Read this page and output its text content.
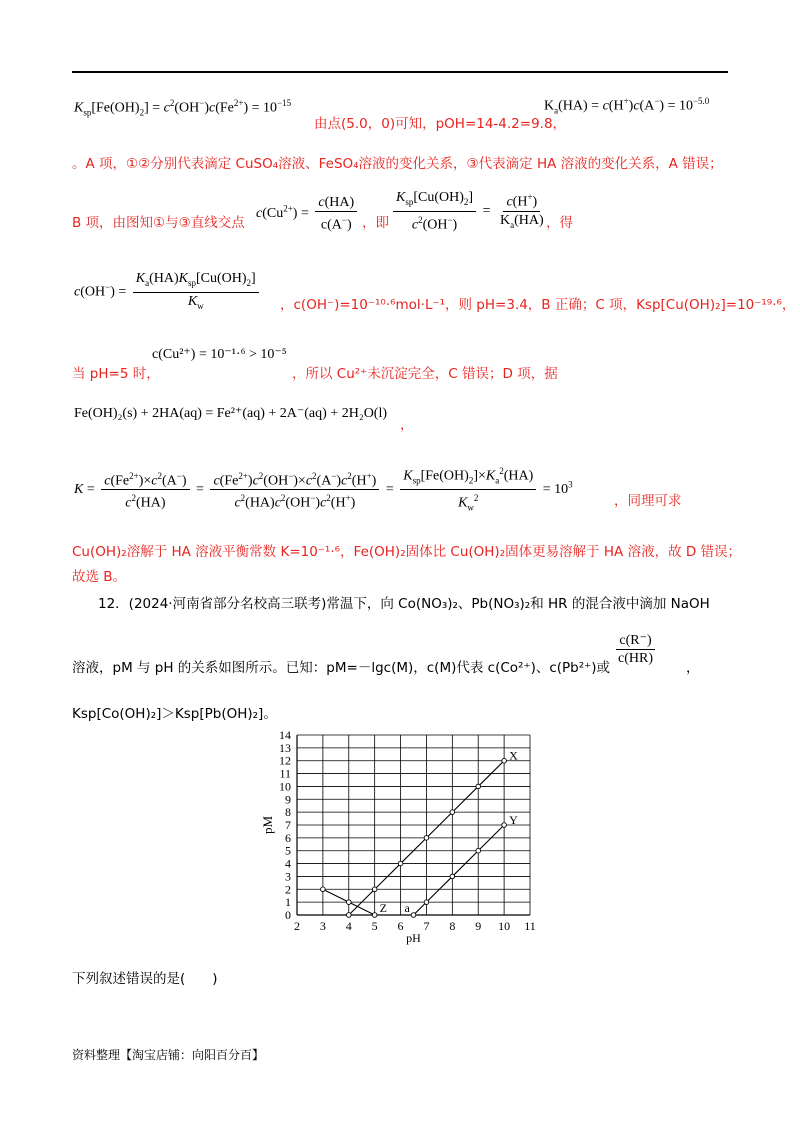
$K_{sp}[Fe(OH)_2] = c^2(OH^-)c(Fe^{2+}) = 10^{-15}$
由点(5.0，0)可知，pOH=14-4.2=9.8，
$K_a(HA) = c(H^+)c(A^-) = 10^{-5.0}$
。A 项，①②分别代表滴定 CuSO₄溶液、FeSO₄溶液的变化关系，③代表滴定 HA 溶液的变化关系，A 错误；
B 项，由图知①与③直线交点
$c(Cu^{2+}) = \frac{c(HA)}{c(A^-)}$ ，即 $\frac{K_{sp}[Cu(OH)_2]}{c^2(OH^-)} = \frac{c(H^+)}{K_a(HA)}$ ，得
$c(OH^-) = \frac{K_a(HA)K_{sp}[Cu(OH)_2]}{K_w}$ ，c(OH⁻)=10⁻¹⁰·⁶mol·L⁻¹，则 pH=3.4，B 正确；C 项，Ksp[Cu(OH)₂]=10⁻¹⁹·⁶，
当 pH=5 时，
c(Cu²⁺) = 10⁻¹·⁶ > 10⁻⁵
，所以 Cu²⁺未沉淀完全，C 错误；D 项，据
Fe(OH)₂(s) + 2HA(aq) = Fe²⁺(aq) + 2A⁻(aq) + 2H₂O(l)
，
$K = \frac{c(Fe^{2+})\times c^2(A^-)}{c^2(HA)} = \frac{c(Fe^{2+})c^2(OH^-)\times c^2(A^-)c^2(H^+)}{c^2(HA)c^2(OH^-)c^2(H^+)} = \frac{K_{sp}[Fe(OH)_2]\times K_a^2(HA)}{K_w^2} = 10^3$
，同理可求
Cu(OH)₂溶解于 HA 溶液平衡常数 K=10⁻¹·⁶，Fe(OH)₂固体比 Cu(OH)₂固体更易溶解于 HA 溶液，故 D 错误；
故选 B。
12．(2024·河南省部分名校高三联考)常温下，向 Co(NO₃)₂、Pb(NO₃)₂和 HR 的混合液中滴加 NaOH
溶液，pM 与 pH 的关系如图所示。已知：pM=－lgc(M)，c(M)代表 c(Co²⁺)、c(Pb²⁺)或
$\frac{c(R^-)}{c(HR)}$
，
Ksp[Co(OH)₂]＞Ksp[Pb(OH)₂]。
2 3 4 5 6 7 8 9 10 11
0
1
2
3
4
5
6
7
8
9
10
11
12
13
14
pH
pM
X
Y
Z a
下列叙述错误的是(　　)
资料整理【淘宝店铺：向阳百分百】
